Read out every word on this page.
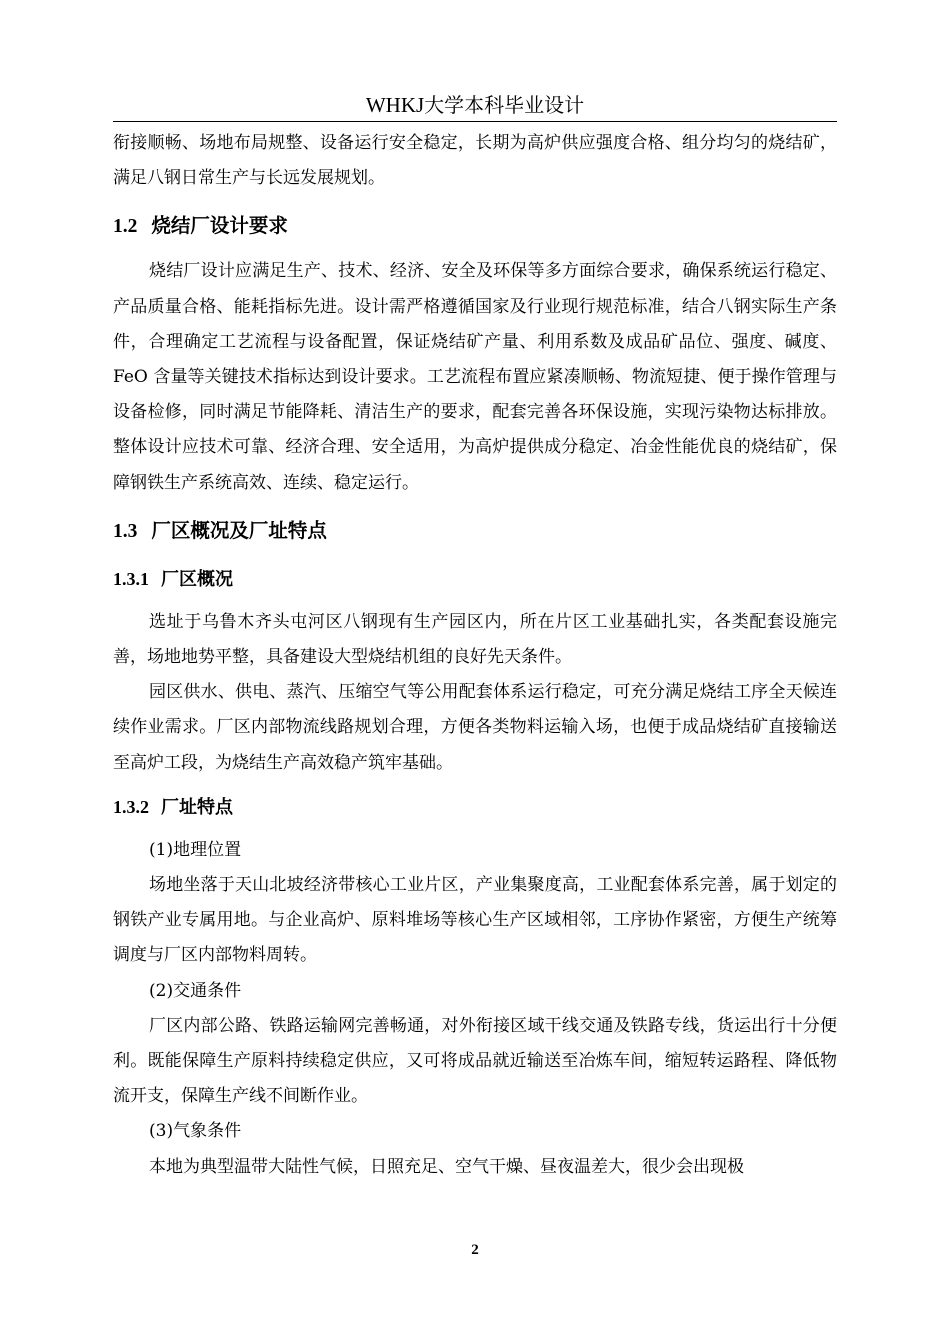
WHKJ大学本科毕业设计

衔接顺畅、场地布局规整、设备运行安全稳定，长期为高炉供应强度合格、组分均匀的烧结矿，满足八钢日常生产与长远发展规划。

1.2 烧结厂设计要求

烧结厂设计应满足生产、技术、经济、安全及环保等多方面综合要求，确保系统运行稳定、产品质量合格、能耗指标先进。设计需严格遵循国家及行业现行规范标准，结合八钢实际生产条件，合理确定工艺流程与设备配置，保证烧结矿产量、利用系数及成品矿品位、强度、碱度、FeO 含量等关键技术指标达到设计要求。工艺流程布置应紧凑顺畅、物流短捷、便于操作管理与设备检修，同时满足节能降耗、清洁生产的要求，配套完善各环保设施，实现污染物达标排放。整体设计应技术可靠、经济合理、安全适用，为高炉提供成分稳定、冶金性能优良的烧结矿，保障钢铁生产系统高效、连续、稳定运行。

1.3 厂区概况及厂址特点
1.3.1 厂区概况

选址于乌鲁木齐头屯河区八钢现有生产园区内，所在片区工业基础扎实，各类配套设施完善，场地地势平整，具备建设大型烧结机组的良好先天条件。

园区供水、供电、蒸汽、压缩空气等公用配套体系运行稳定，可充分满足烧结工序全天候连续作业需求。厂区内部物流线路规划合理，方便各类物料运输入场，也便于成品烧结矿直接输送至高炉工段，为烧结生产高效稳产筑牢基础。

1.3.2 厂址特点

(1)地理位置

场地坐落于天山北坡经济带核心工业片区，产业集聚度高，工业配套体系完善，属于划定的钢铁产业专属用地。与企业高炉、原料堆场等核心生产区域相邻，工序协作紧密，方便生产统筹调度与厂区内部物料周转。

(2)交通条件

厂区内部公路、铁路运输网完善畅通，对外衔接区域干线交通及铁路专线，货运出行十分便利。既能保障生产原料持续稳定供应，又可将成品就近输送至冶炼车间，缩短转运路程、降低物流开支，保障生产线不间断作业。

(3)气象条件

本地为典型温带大陆性气候，日照充足、空气干燥、昼夜温差大，很少会出现极

2
